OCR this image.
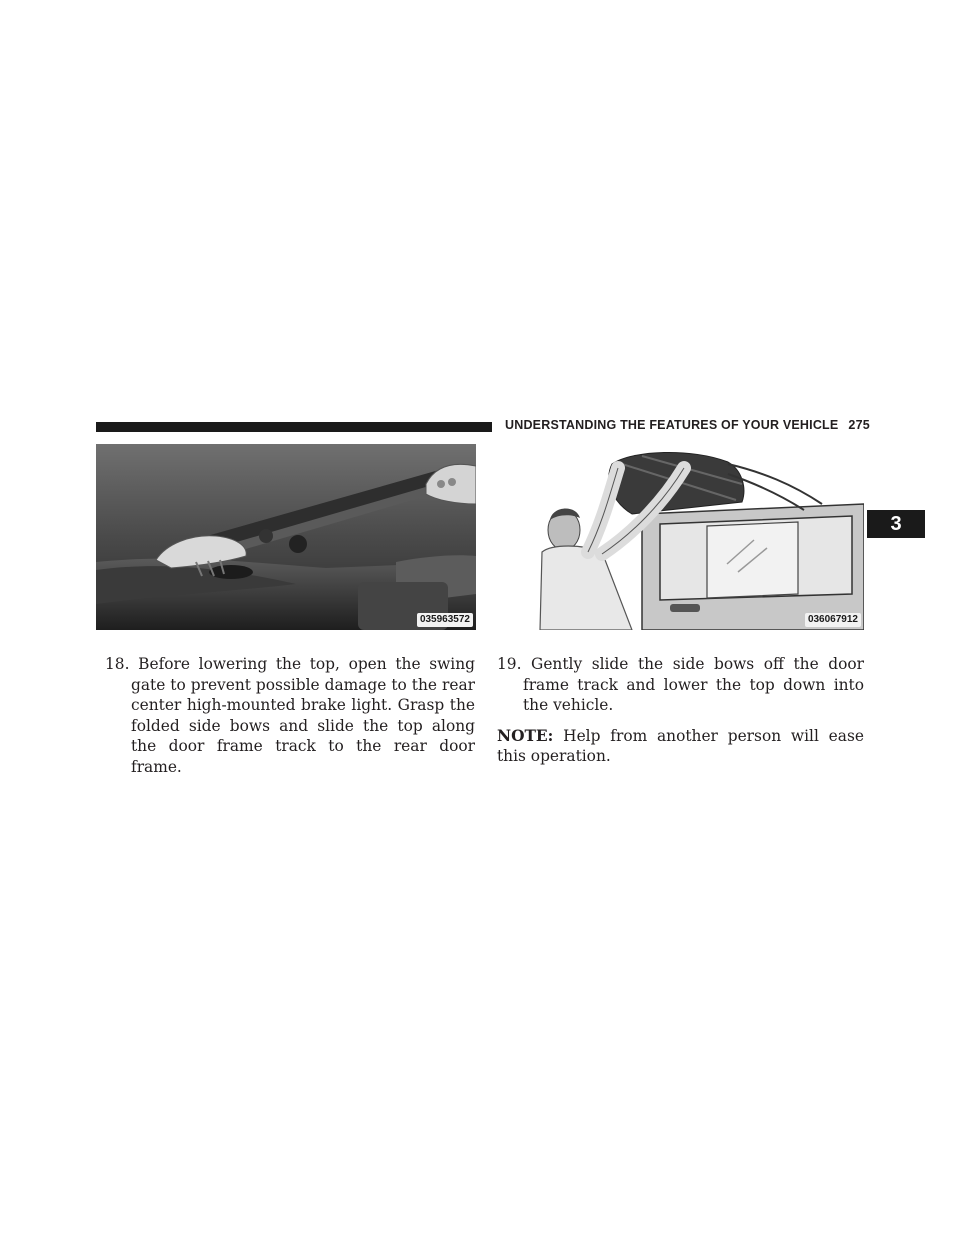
UNDERSTANDING THE FEATURES OF YOUR VEHICLE 275
3
035963572	036067912

18. Before lowering the top, open the swing gate to prevent possible damage to the rear center high-mounted brake light. Grasp the folded side bows and slide the top along the door frame track to the rear door frame.

19. Gently slide the side bows off the door frame track and lower the top down into the vehicle.

NOTE: Help from another person will ease this operation.
